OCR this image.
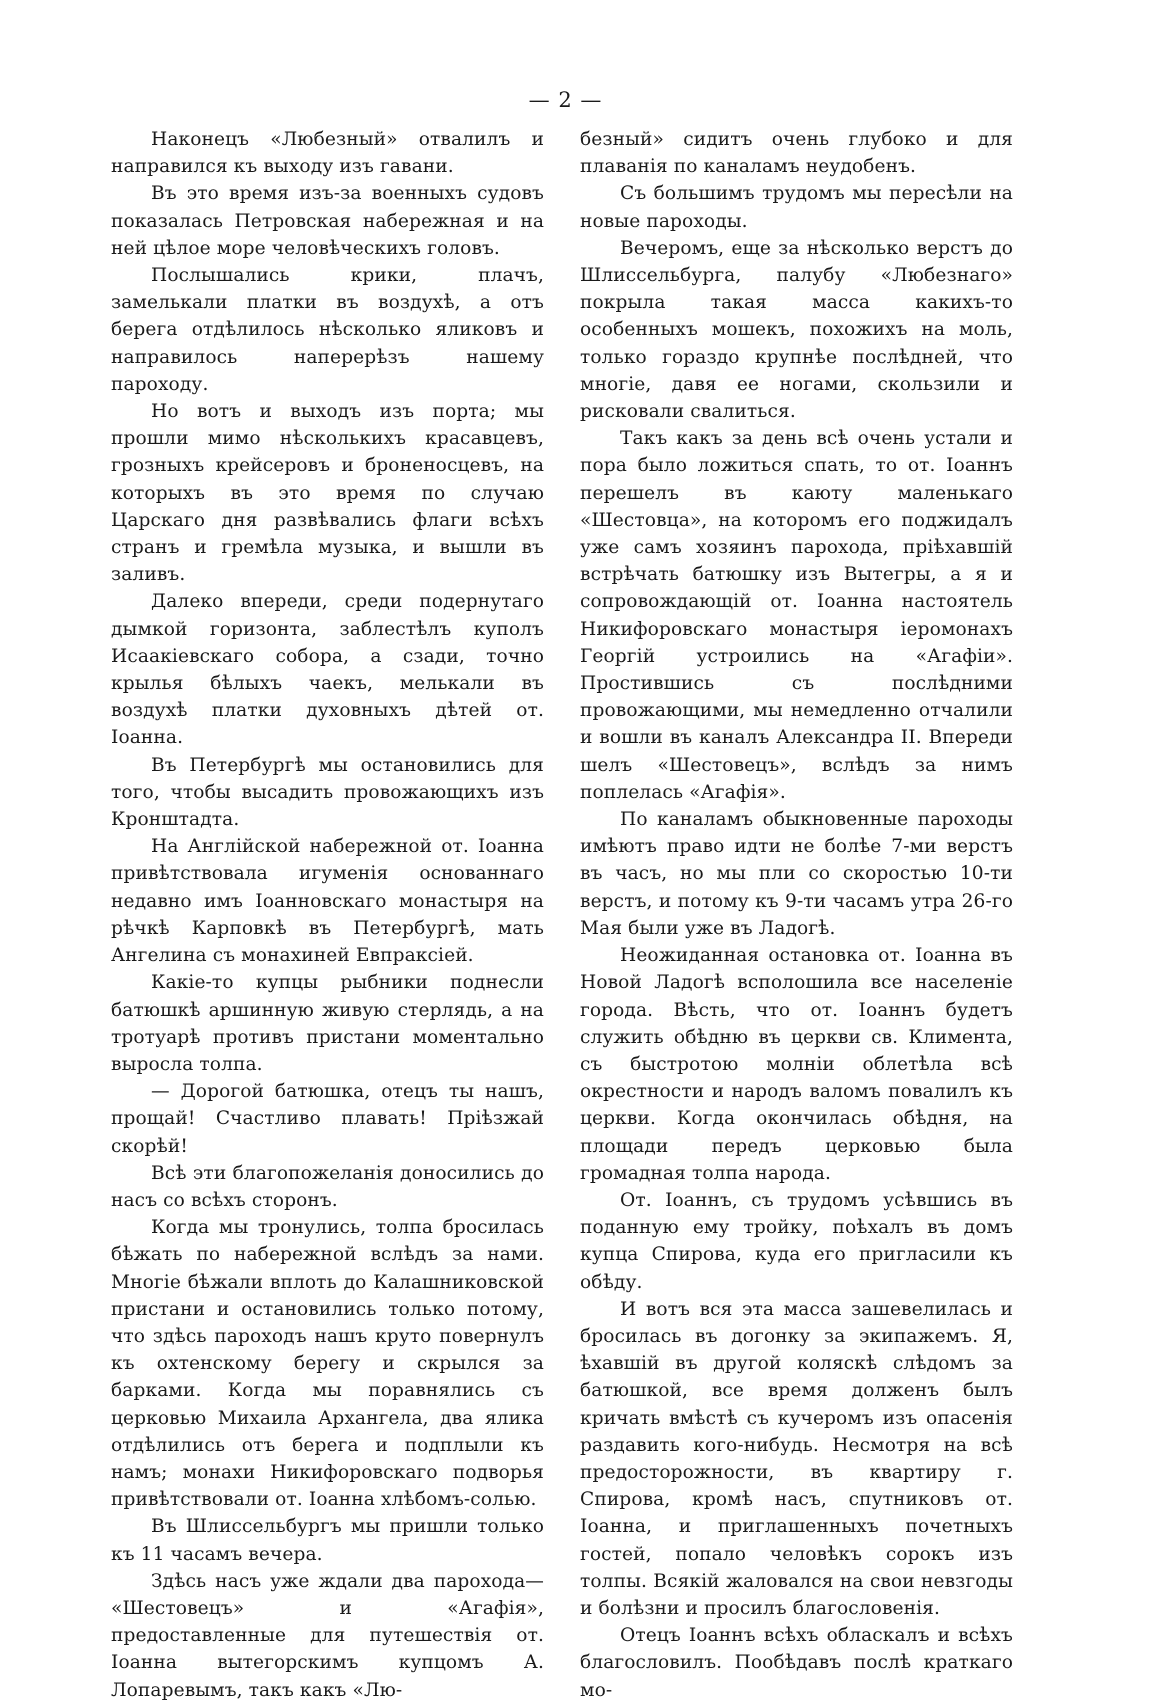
— 2 —

Наконецъ «Любезный» отвалилъ и направился къ выходу изъ гавани.

Въ это время изъ-за военныхъ судовъ показалась Петровская набережная и на ней цѣлое море человѣческихъ головъ.

Послышались крики, плачъ, замелькали платки въ воздухѣ, а отъ берега отдѣлилось нѣсколько яликовъ и направилось наперерѣзъ нашему пароходу.

Но вотъ и выходъ изъ порта; мы прошли мимо нѣсколькихъ красавцевъ, грозныхъ крейсеровъ и броненосцевъ, на которыхъ въ это время по случаю Царскаго дня развѣвались флаги всѣхъ странъ и гремѣла музыка, и вышли въ заливъ.

Далеко впереди, среди подернутаго дымкой горизонта, заблестѣлъ куполъ Исаакіевскаго собора, а сзади, точно крылья бѣлыхъ чаекъ, мелькали въ воздухѣ платки духовныхъ дѣтей от. Іоанна.

Въ Петербургѣ мы остановились для того, чтобы высадить провожающихъ изъ Кронштадта.

На Англійской набережной от. Іоанна привѣтствовала игуменія основаннаго недавно имъ Іоанновскаго монастыря на рѣчкѣ Карповкѣ въ Петербургѣ, мать Ангелина съ монахиней Евпраксіей.

Какіе-то купцы рыбники поднесли батюшкѣ аршинную живую стерлядь, а на тротуарѣ противъ пристани моментально выросла толпа.

— Дорогой батюшка, отецъ ты нашъ, прощай! Счастливо плавать! Пріѣзжай скорѣй!

Всѣ эти благопожеланія доносились до насъ со всѣхъ сторонъ.

Когда мы тронулись, толпа бросилась бѣжать по набережной вслѣдъ за нами. Многіе бѣжали вплоть до Калашниковской пристани и остановились только потому, что здѣсь пароходъ нашъ круто повернулъ къ охтенскому берегу и скрылся за барками. Когда мы поравнялись съ церковью Михаила Архангела, два ялика отдѣлились отъ берега и подплыли къ намъ; монахи Никифоровскаго подворья привѣтствовали от. Іоанна хлѣбомъ-солью.

Въ Шлиссельбургъ мы пришли только къ 11 часамъ вечера.

Здѣсь насъ уже ждали два парохода— «Шестовецъ» и «Агафія», предоставленные для путешествія от. Іоанна вытегорскимъ купцомъ А. Лопаревымъ, такъ какъ «Лю-

безный» сидитъ очень глубоко и для плаванія по каналамъ неудобенъ.

Съ большимъ трудомъ мы пересѣли на новые пароходы.

Вечеромъ, еще за нѣсколько верстъ до Шлиссельбурга, палубу «Любезнаго» покрыла такая масса какихъ-то особенныхъ мошекъ, похожихъ на моль, только гораздо крупнѣе послѣдней, что многіе, давя ее ногами, скользили и рисковали свалиться.

Такъ какъ за день всѣ очень устали и пора было ложиться спать, то от. Іоаннъ перешелъ въ каюту маленькаго «Шестовца», на которомъ его поджидалъ уже самъ хозяинъ парохода, пріѣхавшій встрѣчать батюшку изъ Вытегры, а я и сопровождающій от. Іоанна настоятель Никифоровскаго монастыря іеромонахъ Георгій устроились на «Агафіи». Простившись съ послѣдними провожающими, мы немедленно отчалили и вошли въ каналъ Александра II. Впереди шелъ «Шестовецъ», вслѣдъ за нимъ поплелась «Агафія».

По каналамъ обыкновенные пароходы имѣютъ право идти не болѣе 7-ми верстъ въ часъ, но мы пли со скоростью 10-ти верстъ, и потому къ 9-ти часамъ утра 26-го Мая были уже въ Ладогѣ.

Неожиданная остановка от. Іоанна въ Новой Ладогѣ всполошила все населеніе города. Вѣсть, что от. Іоаннъ будетъ служить обѣдню въ церкви св. Климента, съ быстротою молніи облетѣла всѣ окрестности и народъ валомъ повалилъ къ церкви. Когда окончилась обѣдня, на площади передъ церковью была громадная толпа народа.

От. Іоаннъ, съ трудомъ усѣвшись въ поданную ему тройку, поѣхалъ въ домъ купца Спирова, куда его пригласили къ обѣду.

И вотъ вся эта масса зашевелилась и бросилась въ догонку за экипажемъ. Я, ѣхавшій въ другой коляскѣ слѣдомъ за батюшкой, все время долженъ былъ кричать вмѣстѣ съ кучеромъ изъ опасенія раздавить кого-нибудь. Несмотря на всѣ предосторожности, въ квартиру г. Спирова, кромѣ насъ, спутниковъ от. Іоанна, и приглашенныхъ почетныхъ гостей, попало человѣкъ сорокъ изъ толпы. Всякій жаловался на свои невзгоды и болѣзни и просилъ благословенія.

Отецъ Іоаннъ всѣхъ обласкалъ и всѣхъ благословилъ. Пообѣдавъ послѣ краткаго мо-
